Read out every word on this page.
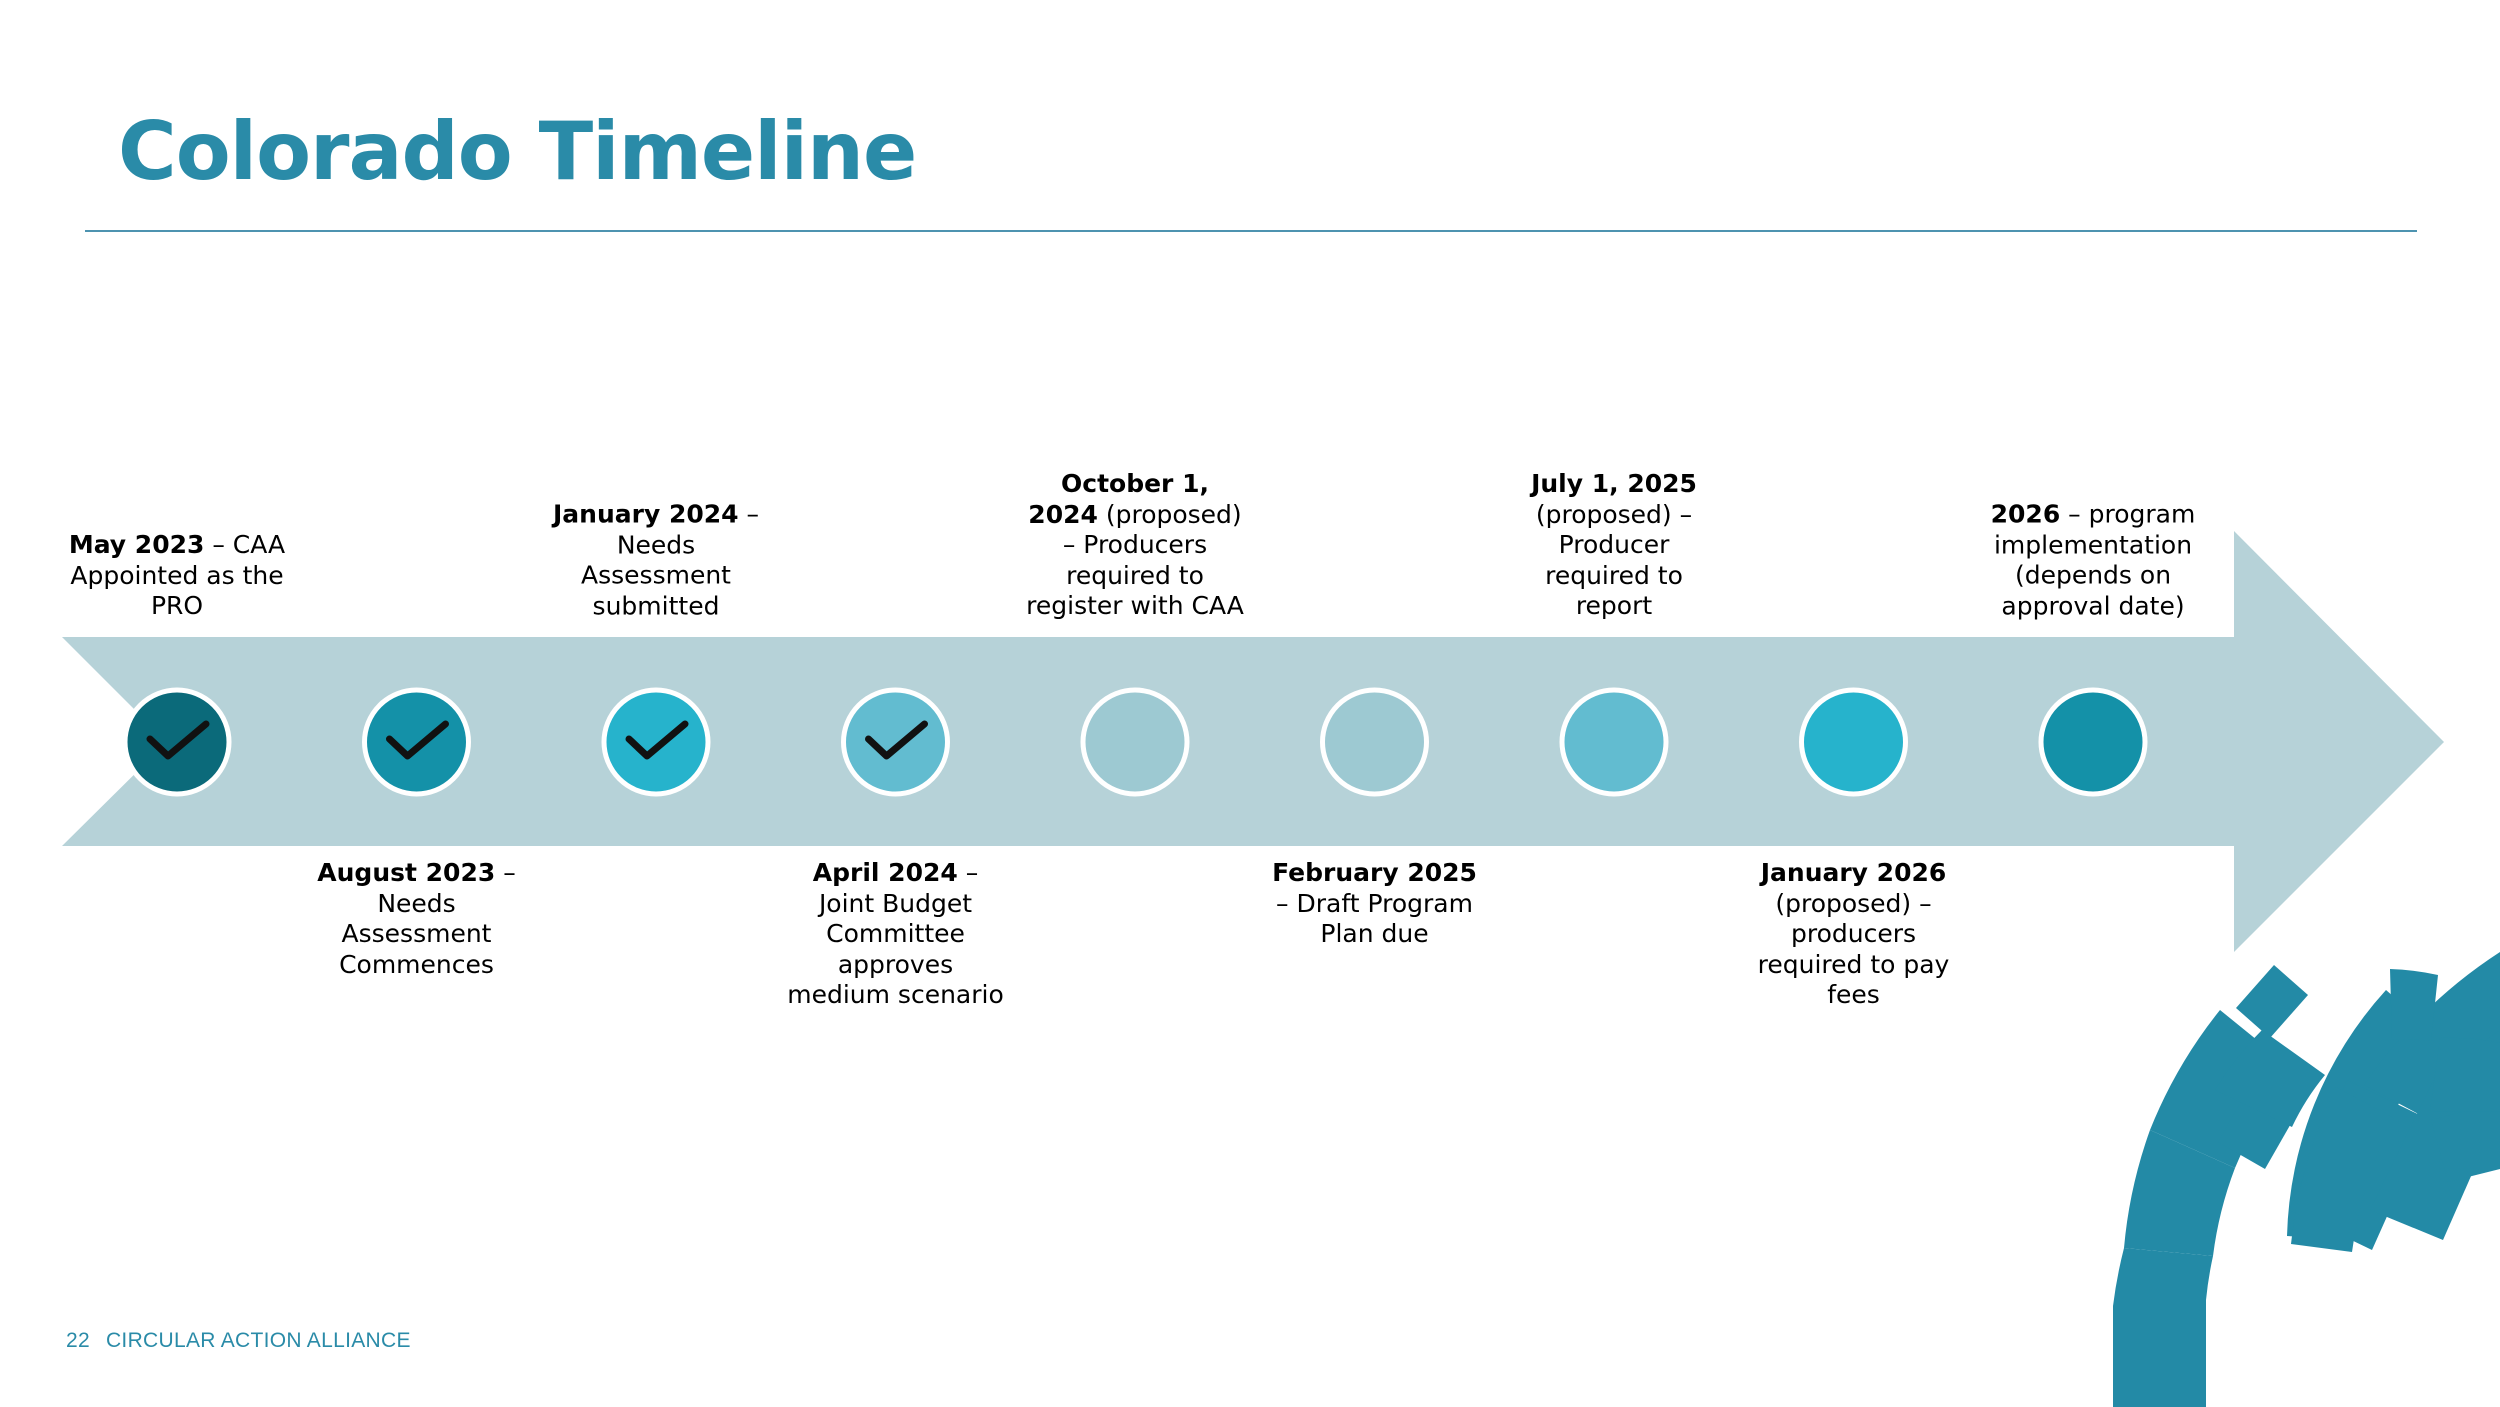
Colorado Timeline
May 2023 – CAA Appointed as the PRO
August 2023 – Needs Assessment Commences
January 2024 – Needs Assessment submitted
April 2024 – Joint Budget Committee approves medium scenario
October 1, 2024 (proposed) – Producers required to register with CAA
February 2025 – Draft Program Plan due
July 1, 2025 (proposed) – Producer required to report
January 2026 (proposed) – producers required to pay fees
2026 – program implementation (depends on approval date)
22 CIRCULAR ACTION ALLIANCE
